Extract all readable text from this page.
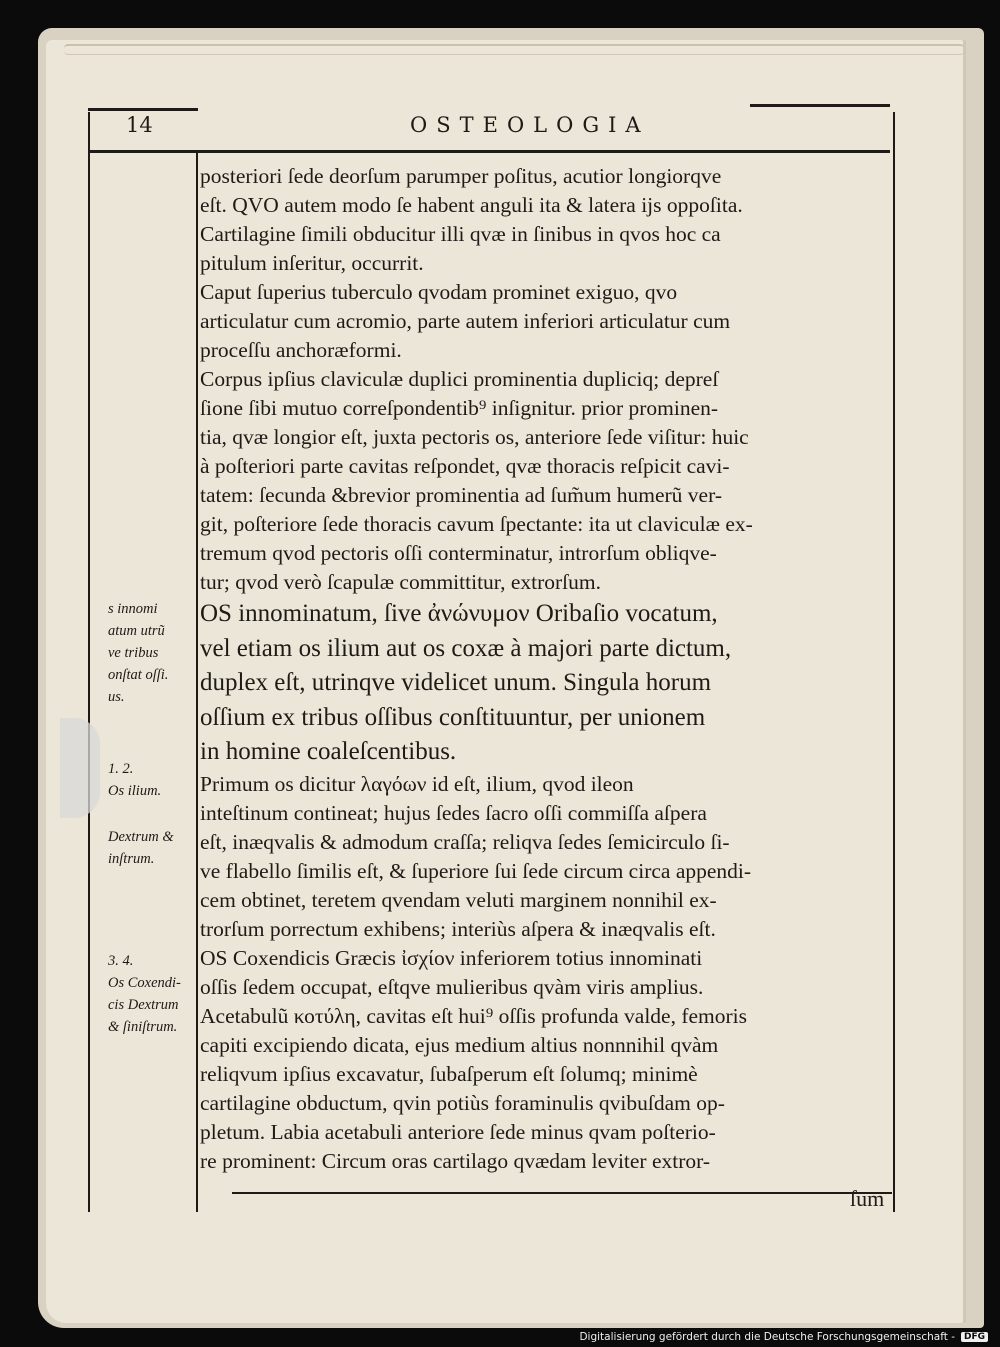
14	OSTEOLOGIA
posteriori ſede deorſum parumper poſitus, acutior longiorqve
eſt. QVO autem modo ſe habent anguli ita & latera ijs oppoſita.
Cartilagine ſimili obducitur illi qvæ in ſinibus in qvos hoc ca
pitulum inſeritur, occurrit.
Caput ſuperius tuberculo qvodam prominet exiguo, qvo
articulatur cum acromio, parte autem inferiori articulatur cum
proceſſu anchoræformi.
Corpus ipſius claviculæ duplici prominentia dupliciq; depreſ
ſione ſibi mutuo correſpondentib⁹ inſignitur. prior prominen-
tia, qvæ longior eſt, juxta pectoris os, anteriore ſede viſitur: huic
à poſteriori parte cavitas reſpondet, qvæ thoracis reſpicit cavi-
tatem: ſecunda &brevior prominentia ad ſum̃um humerũ ver-
git, poſteriore ſede thoracis cavum ſpectante: ita ut claviculæ ex-
tremum qvod pectoris oſſi conterminatur, introrſum obliqve-
tur; qvod verò ſcapulæ committitur, extrorſum.
OS innominatum, ſive ἀνώνυμον Oribaſio vocatum,
vel etiam os ilium aut os coxæ à majori parte dictum,
duplex eſt, utrinqve videlicet unum. Singula horum
oſſium ex tribus oſſibus conſtituuntur, per unionem
in homine coaleſcentibus.
Primum os dicitur λαγόων id eſt, ilium, qvod ileon
inteſtinum contineat; hujus ſedes ſacro oſſi commiſſa aſpera
eſt, inæqvalis & admodum craſſa; reliqva ſedes ſemicirculo ſi-
ve flabello ſimilis eſt, & ſuperiore ſui ſede circum circa appendi-
cem obtinet, teretem qvendam veluti marginem nonnihil ex-
trorſum porrectum exhibens; interiùs aſpera & inæqvalis eſt.
OS Coxendicis Græcis ἰσχίον inferiorem totius innominati
oſſis ſedem occupat, eſtqve mulieribus qvàm viris amplius.
Acetabulũ κοτύλη, cavitas eſt hui⁹ oſſis profunda valde, femoris
capiti excipiendo dicata, ejus medium altius nonnnihil qvàm
reliqvum ipſius excavatur, ſubaſperum eſt ſolumq; minimè
cartilagine obductum, qvin potiùs foraminulis qvibuſdam op-
pletum. Labia acetabuli anteriore ſede minus qvam poſterio-
re prominent: Circum oras cartilago qvædam leviter extror-
s innomi
atum utrũ
ve tribus
onſtat oſſi.
us.
1. 2.
Os ilium.
Dextrum &
inſtrum.
3. 4.
Os Coxendi-
cis Dextrum
& ſiniſtrum.
ſum
Digitalisierung gefördert durch die Deutsche Forschungsgemeinschaft -	DFG
